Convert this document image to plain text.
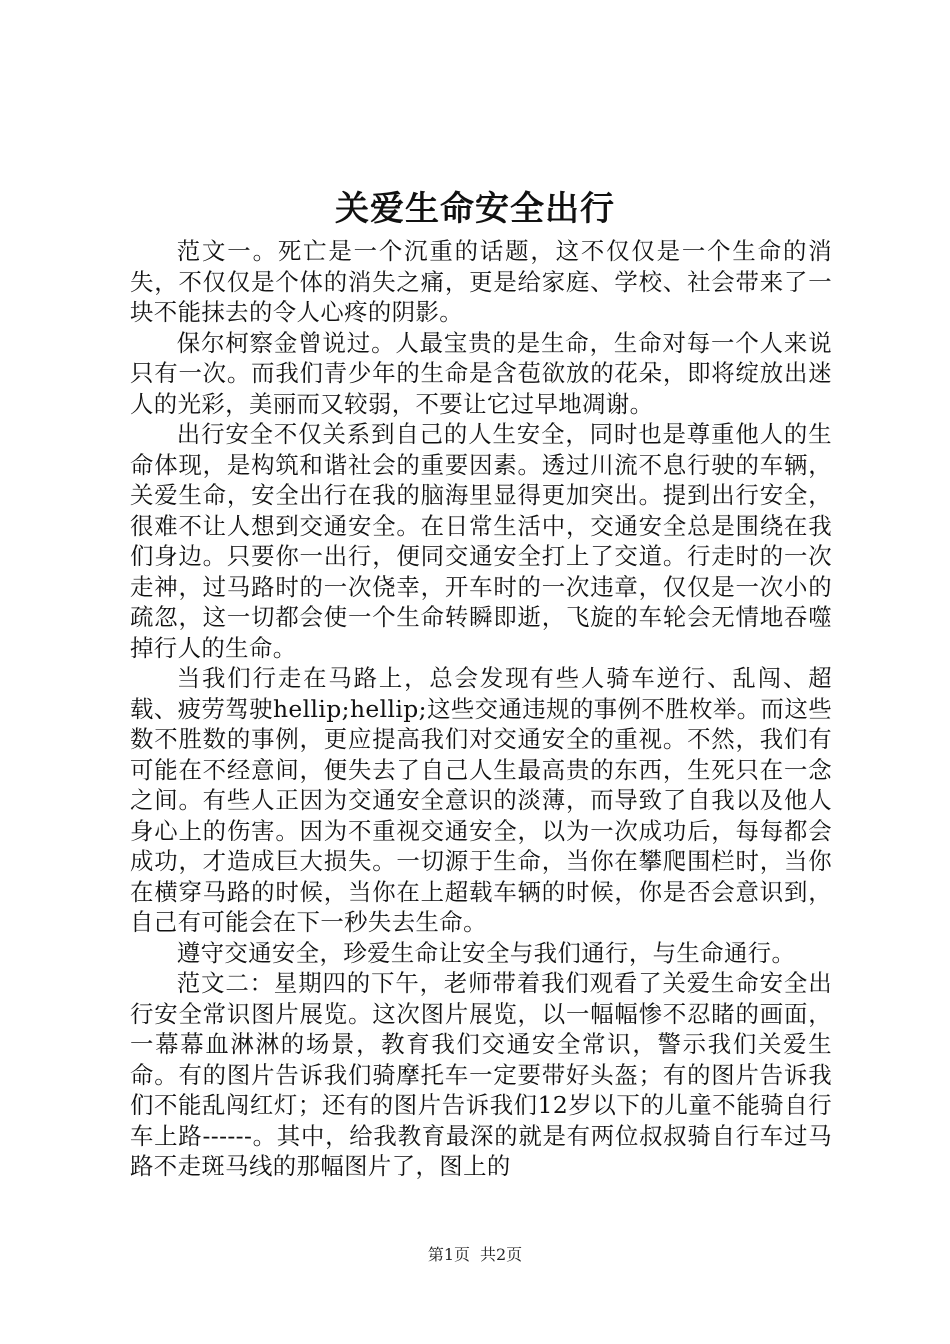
关爱生命安全出行

范文一。死亡是一个沉重的话题，这不仅仅是一个生命的消失，不仅仅是个体的消失之痛，更是给家庭、学校、社会带来了一块不能抹去的令人心疼的阴影。

保尔柯察金曾说过。人最宝贵的是生命，生命对每一个人来说只有一次。而我们青少年的生命是含苞欲放的花朵，即将绽放出迷人的光彩，美丽而又较弱，不要让它过早地凋谢。

出行安全不仅关系到自己的人生安全，同时也是尊重他人的生命体现，是构筑和谐社会的重要因素。透过川流不息行驶的车辆，关爱生命，安全出行在我的脑海里显得更加突出。提到出行安全，很难不让人想到交通安全。在日常生活中，交通安全总是围绕在我们身边。只要你一出行，便同交通安全打上了交道。行走时的一次走神，过马路时的一次侥幸，开车时的一次违章，仅仅是一次小的疏忽，这一切都会使一个生命转瞬即逝，飞旋的车轮会无情地吞噬掉行人的生命。

当我们行走在马路上，总会发现有些人骑车逆行、乱闯、超载、疲劳驾驶hellip;hellip;这些交通违规的事例不胜枚举。而这些数不胜数的事例，更应提高我们对交通安全的重视。不然，我们有可能在不经意间，便失去了自己人生最高贵的东西，生死只在一念之间。有些人正因为交通安全意识的淡薄，而导致了自我以及他人身心上的伤害。因为不重视交通安全，以为一次成功后，每每都会成功，才造成巨大损失。一切源于生命，当你在攀爬围栏时，当你在横穿马路的时候，当你在上超载车辆的时候，你是否会意识到，自己有可能会在下一秒失去生命。

遵守交通安全，珍爱生命让安全与我们通行，与生命通行。

范文二：星期四的下午，老师带着我们观看了关爱生命安全出行安全常识图片展览。这次图片展览，以一幅幅惨不忍睹的画面，一幕幕血淋淋的场景，教育我们交通安全常识，警示我们关爱生命。有的图片告诉我们骑摩托车一定要带好头盔；有的图片告诉我们不能乱闯红灯；还有的图片告诉我们12岁以下的儿童不能骑自行车上路------。其中，给我教育最深的就是有两位叔叔骑自行车过马路不走斑马线的那幅图片了，图上的

第1页 共2页
